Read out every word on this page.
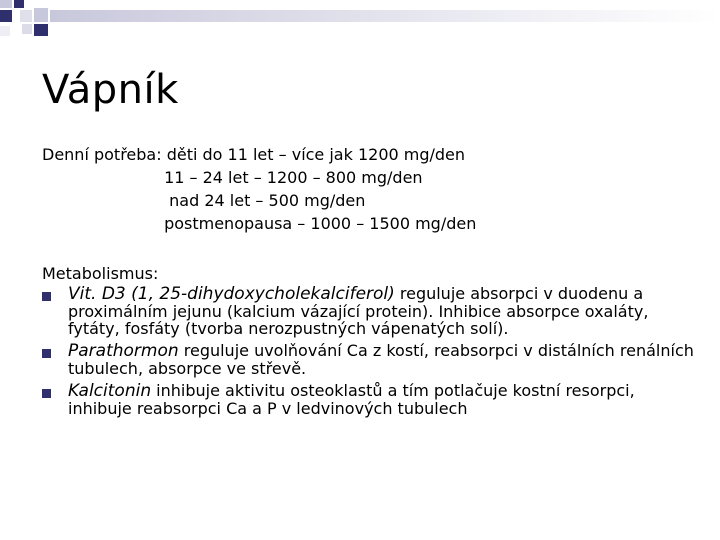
Vápník
Denní potřeba: děti do 11 let – více jak 1200 mg/den
11 – 24 let – 1200 – 800 mg/den
nad 24 let – 500 mg/den
postmenopausa – 1000 – 1500 mg/den
Metabolismus:
Vit. D3 (1, 25-dihydoxycholekalciferol) reguluje absorpci v duodenu a proximálním jejunu (kalcium vázající protein). Inhibice absorpce oxaláty, fytáty, fosfáty (tvorba nerozpustných vápenatých solí).
Parathormon reguluje uvolňování Ca z kostí, reabsorpci v distálních renálních tubulech, absorpce ve střevě.
Kalcitonin inhibuje aktivitu osteoklastů a tím potlačuje kostní resorpci, inhibuje reabsorpci Ca a P v ledvinových tubulech
